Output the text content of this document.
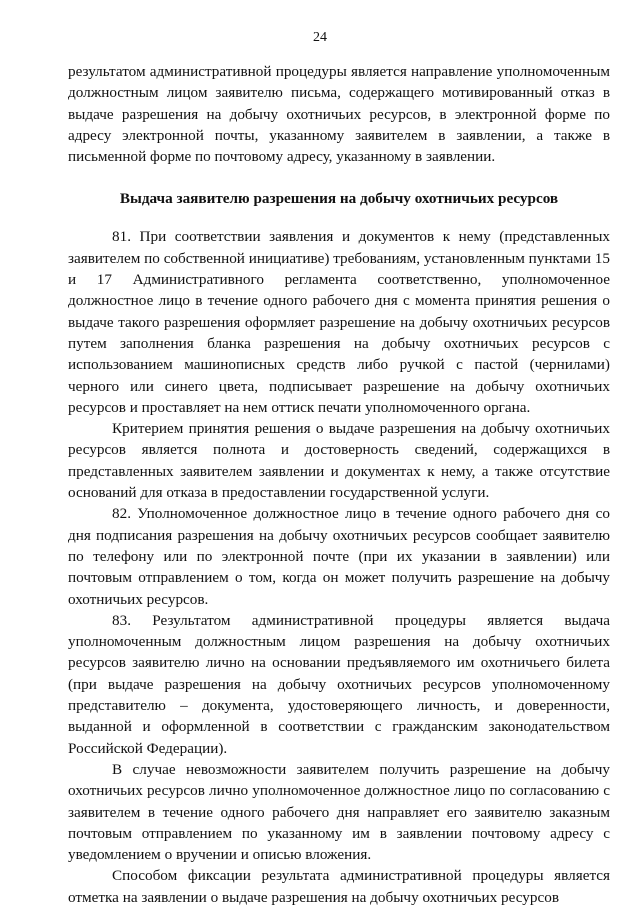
24

результатом административной процедуры является направление уполномоченным должностным лицом заявителю письма, содержащего мотивированный отказ в выдаче разрешения на добычу охотничьих ресурсов, в электронной форме по адресу электронной почты, указанному заявителем в заявлении, а также в письменной форме по почтовому адресу, указанному в заявлении.

Выдача заявителю разрешения на добычу охотничьих ресурсов

81. При соответствии заявления и документов к нему (представленных заявителем по собственной инициативе) требованиям, установленным пунктами 15 и 17 Административного регламента соответственно, уполномоченное должностное лицо в течение одного рабочего дня с момента принятия решения о выдаче такого разрешения оформляет разрешение на добычу охотничьих ресурсов путем заполнения бланка разрешения на добычу охотничьих ресурсов с использованием машинописных средств либо ручкой с пастой (чернилами) черного или синего цвета, подписывает разрешение на добычу охотничьих ресурсов и проставляет на нем оттиск печати уполномоченного органа.

Критерием принятия решения о выдаче разрешения на добычу охотничьих ресурсов является полнота и достоверность сведений, содержащихся в представленных заявителем заявлении и документах к нему, а также отсутствие оснований для отказа в предоставлении государственной услуги.

82. Уполномоченное должностное лицо в течение одного рабочего дня со дня подписания разрешения на добычу охотничьих ресурсов сообщает заявителю по телефону или по электронной почте (при их указании в заявлении) или почтовым отправлением о том, когда он может получить разрешение на добычу охотничьих ресурсов.

83. Результатом административной процедуры является выдача уполномоченным должностным лицом разрешения на добычу охотничьих ресурсов заявителю лично на основании предъявляемого им охотничьего билета (при выдаче разрешения на добычу охотничьих ресурсов уполномоченному представителю – документа, удостоверяющего личность, и доверенности, выданной и оформленной в соответствии с гражданским законодательством Российской Федерации).

В случае невозможности заявителем получить разрешение на добычу охотничьих ресурсов лично уполномоченное должностное лицо по согласованию с заявителем в течение одного рабочего дня направляет его заявителю заказным почтовым отправлением по указанному им в заявлении почтовому адресу с уведомлением о вручении и описью вложения.

Способом фиксации результата административной процедуры является отметка на заявлении о выдаче разрешения на добычу охотничьих ресурсов
